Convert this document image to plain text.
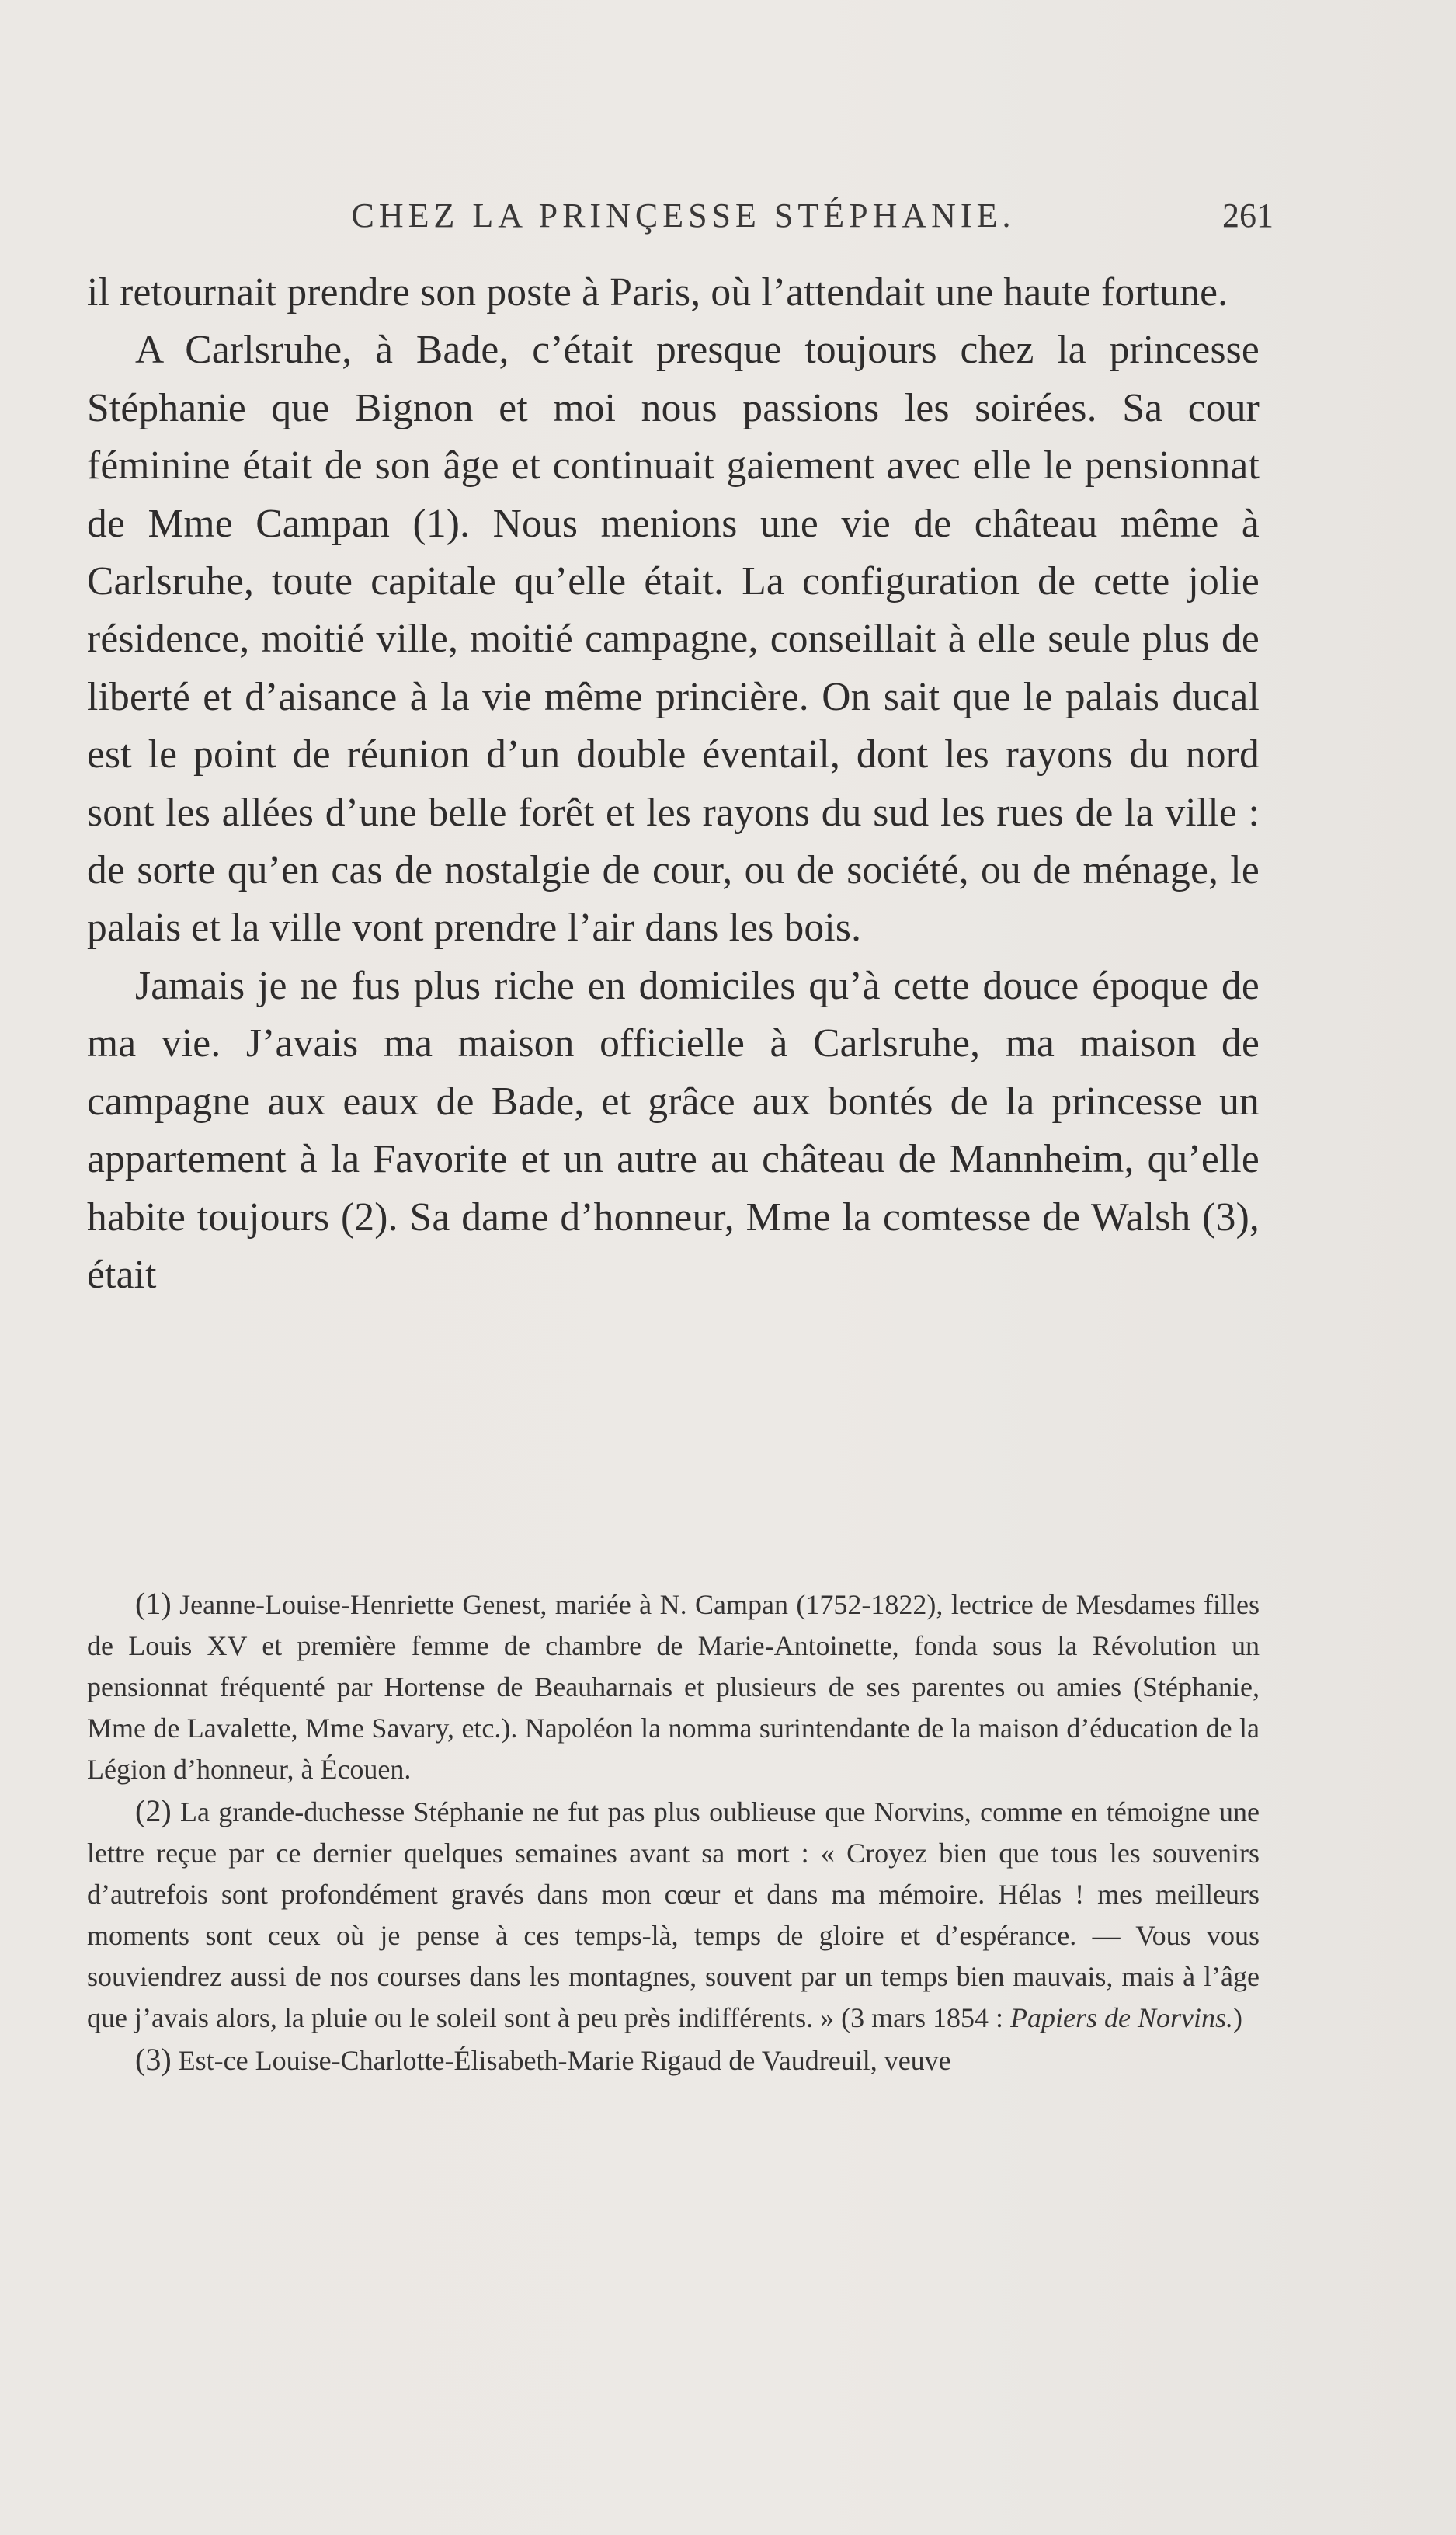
CHEZ LA PRINÇESSE STÉPHANIE.	261

il retournait prendre son poste à Paris, où l’attendait une haute fortune.

A Carlsruhe, à Bade, c’était presque toujours chez la princesse Stéphanie que Bignon et moi nous passions les soirées. Sa cour féminine était de son âge et continuait gaiement avec elle le pensionnat de Mme Campan (1). Nous menions une vie de château même à Carlsruhe, toute capitale qu’elle était. La configuration de cette jolie résidence, moitié ville, moitié campagne, conseillait à elle seule plus de liberté et d’aisance à la vie même princière. On sait que le palais ducal est le point de réunion d’un double éventail, dont les rayons du nord sont les allées d’une belle forêt et les rayons du sud les rues de la ville : de sorte qu’en cas de nostalgie de cour, ou de société, ou de ménage, le palais et la ville vont prendre l’air dans les bois.

Jamais je ne fus plus riche en domiciles qu’à cette douce époque de ma vie. J’avais ma maison officielle à Carlsruhe, ma maison de campagne aux eaux de Bade, et grâce aux bontés de la princesse un appartement à la Favorite et un autre au château de Mannheim, qu’elle habite toujours (2). Sa dame d’honneur, Mme la comtesse de Walsh (3), était

(1) Jeanne-Louise-Henriette Genest, mariée à N. Campan (1752-1822), lectrice de Mesdames filles de Louis XV et première femme de chambre de Marie-Antoinette, fonda sous la Révolution un pensionnat fréquenté par Hortense de Beauharnais et plusieurs de ses parentes ou amies (Stéphanie, Mme de Lavalette, Mme Savary, etc.). Napoléon la nomma surintendante de la maison d’éducation de la Légion d’honneur, à Écouen.

(2) La grande-duchesse Stéphanie ne fut pas plus oublieuse que Norvins, comme en témoigne une lettre reçue par ce dernier quelques semaines avant sa mort : « Croyez bien que tous les souvenirs d’autrefois sont profondément gravés dans mon cœur et dans ma mémoire. Hélas ! mes meilleurs moments sont ceux où je pense à ces temps-là, temps de gloire et d’espérance. — Vous vous souviendrez aussi de nos courses dans les montagnes, souvent par un temps bien mauvais, mais à l’âge que j’avais alors, la pluie ou le soleil sont à peu près indifférents. » (3 mars 1854 : Papiers de Norvins.)

(3) Est-ce Louise-Charlotte-Élisabeth-Marie Rigaud de Vaudreuil, veuve
